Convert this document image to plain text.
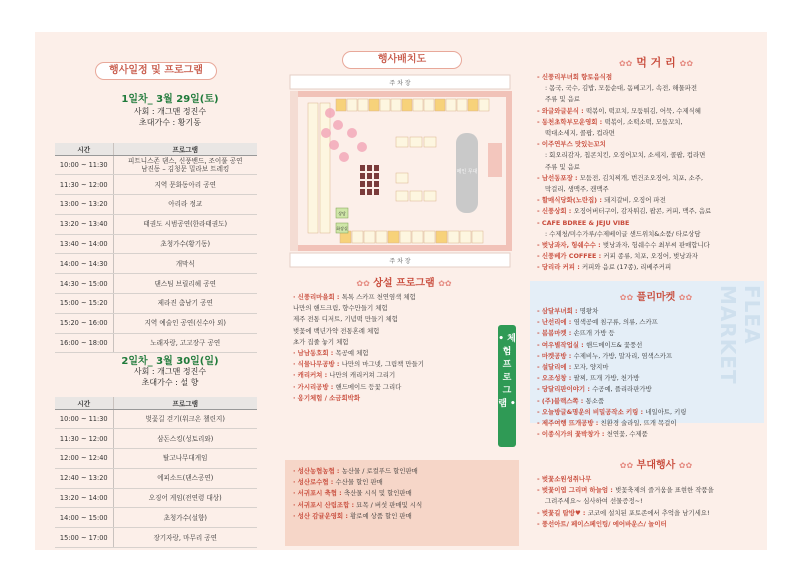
행사일정 및 프로그램
1일차_ 3월 29일(토)
사회 : 개그맨 정진수
초대가수 : 황기동
시간	프로그램
10:00 ~ 11:30	피트니스존 댄스, 신풍밴드, 조이풀 공연
남진동 – 김청문 밀라보 트레킹
11:30 ~ 12:00	지역 문화동아리 공연
13:00 ~ 13:20	아리라 정교
13:20 ~ 13:40	태권도 시범공연(한라태권도)
13:40 ~ 14:00	초청가수(황기동)
14:00 ~ 14:30	개막식
14:30 ~ 15:00	댄스팀 브릴리헤 공연
15:00 ~ 15:20	제라진 춤남기 공연
15:20 ~ 16:00	지역 예술인 공연(신수아 외)
16:00 ~ 18:00	노래자랑, 고고장구 공연
2일차_ 3월 30일(일)
사회 : 개그맨 정진수
초대가수 : 설 향
시간	프로그램
10:00 ~ 11:30	벚꽃길 걷기(워크온 챌린지)
11:30 ~ 12:00	삼돈스킹(성토리와)
12:00 ~ 12:40	탈고나무대게임
12:40 ~ 13:20	에피소드(댄스공연)
13:20 ~ 14:00	오징어 게임(전연령 대상)
14:00 ~ 15:00	초청가수(설향)
15:00 ~ 17:00	장기자랑, 마무리 공연
행사배치도
주 차 장
주 차 장
상담
화장실
메인 무대
✿✿ 상설 프로그램 ✿✿
· 신풍리마을회 : 톡톡 스카프 천연염색 체험
나만의 핸드크림, 향수만들기 체험
제주 전통 디저트, 기념떡 만들기 체험
벚꽃에 백년가약 전통혼례 체험
초가 집줄 놓기 체험
· 남남동호회 : 목공예 체험
· 식물나무공방 : 나만의 마그넷, 그림책 만들기
· 캐리커쳐 : 나만의 캐리커쳐 그리기
· 가시리공방 : 핸드메이드 등꽃 그리다
· 옹기체험 / 소금회박화
• 체 험 프 로 그 램 •
· 성산농협농협 : 농산물 / 로컬푸드 할인판매
· 성산로수협 : 수산물 할인 판매
· 서귀포시 축협 : 축산물 시식 및 할인판매
· 서귀포시 산림조합 : 묘목 / 버섯 판매및 시식
· 성산 감귤운영회 : 황로예 상품 할인 판매
✿✿ 먹 거 리 ✿✿
- 신풍리부녀회 향토음식점
: 몸국, 국수, 김밥, 모둠순대, 돔베고기, 속전, 해물파전
주류 및 음료
- 와글와글분식 : 떡볶이, 떡꼬치, 모둠튀김, 어묵, 수제식혜
- 동천초학부모운영회 : 떡볶이, 소떡소떡, 모둠꼬치,
떡대소세지, 콜팝, 컵라면
- 이주연부스 맛있는꼬치
: 회오리감자, 칩콘치킨, 오징어꼬치, 소세지, 콜팝, 컵라면
주류 및 음료
- 남선동포장 : 모둠전, 김치찌개, 번건조오징어, 치포, 소주,
막걸리, 생맥주, 캔맥주
- 할매식당화(노란집) : 돼지갈비, 오징어 파전
- 신풍상회 : 오징어버터구이, 감자튀김, 팝콘, 커피, 맥주, 음료
- CAFE BDREE & JEJU VIBE
: 수제청/미수가루/수제베이글 샌드위치&소품/ 타로상담
- 벚낭과자, 헝쉐수수 : 벚낭과자, 헝쉐수수 최부씨 판매합니다
- 신풍베가 COFFEE : 커피 종류, 치포, 오징어, 벚낭과자
- 당리라 커피 : 커피와 음료 (17종), 리베주커피
FLEA MARKET
✿✿ 플리마켓 ✿✿
- 삼달부녀회 : 명왕차
- 난선리에 : 염색공예 침구류, 의류, 스카프
- 봄봄마켓 : 손뜨개 가방 등
- 여우별작업실 : 핸드메이드& 꽃풍선
- 마켓공방 : 수제비누, 가방, 말자리, 염색스카프
- 설달리에 : 모자, 양지마
- 오조성창 : 팔찌, 뜨개 가방, 천가방
- 당달리판이야기 : 수공예, 플리라판가방
- (주)블랙스쪽 : 통소품
- 오늘방글&명운의 비밀공작소 키링 : 네일아트, 키링
- 제주여행 뜨개공방 : 친환경 술라일, 뜨개 목걸이
- 이종식가의 꽃박창가 : 천연꽃, 수제품
✿✿ 부대행사 ✿✿
- 벚꽃소원성취나무
- 벚꽃이엽 그리며 하늘엄 : 벚꽃축제의 즐거움을 표현한 작품을
그려주세요~ 심사하여 선물증정~!
- 벚꽃길 탐방♥ : 코코에 설치된 포토존에서 추억을 남기세요!
- 풍선아트/ 페이스페인팅/ 에어바운스/ 놀이터
